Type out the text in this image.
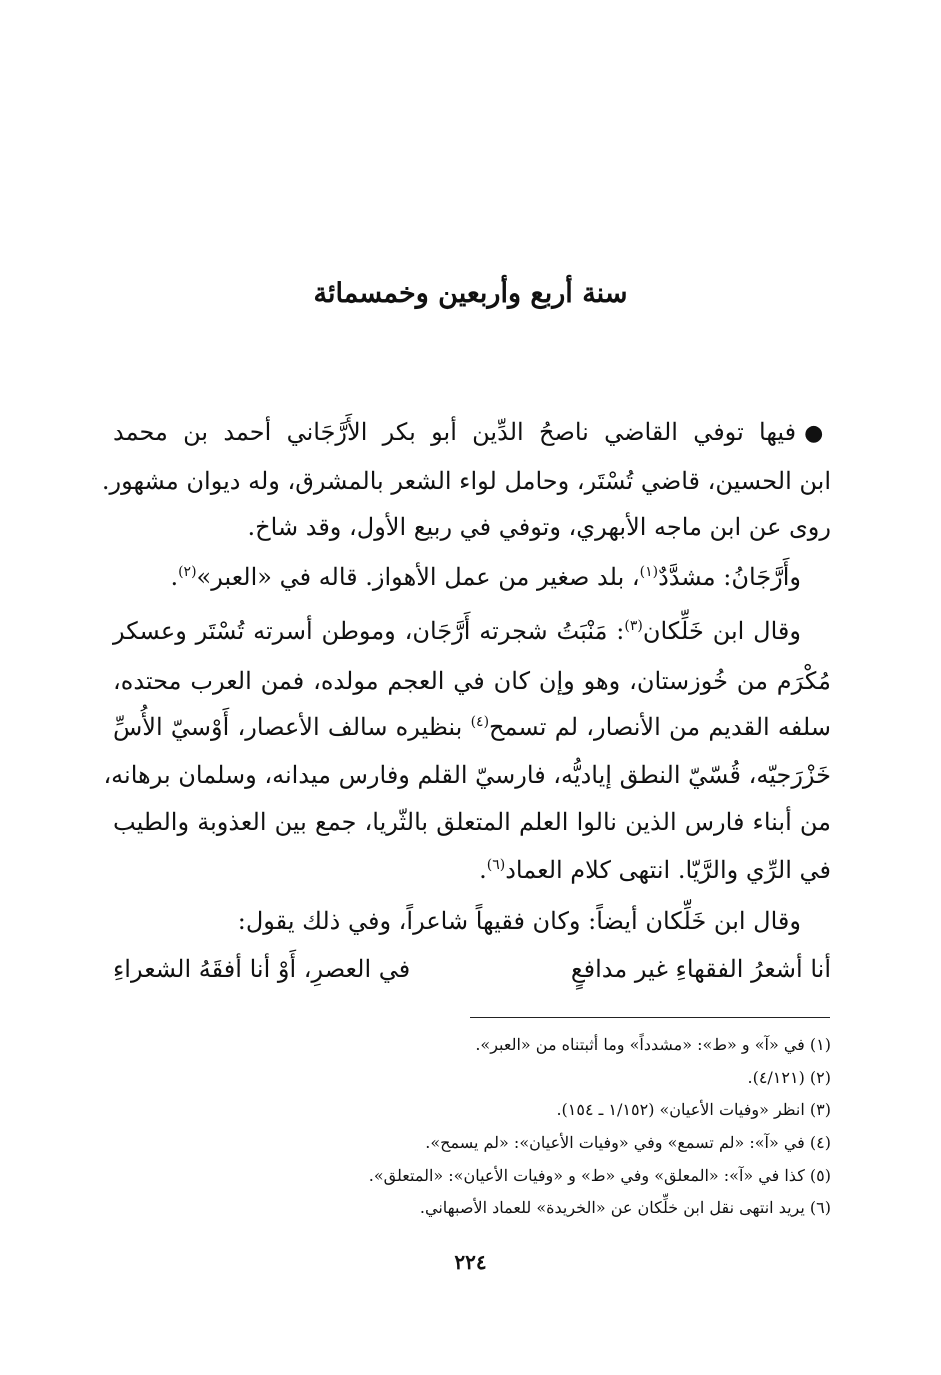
سنة أربع وأربعين وخمسمائة
●فيها توفي القاضي ناصحُ الدِّين أبو بكر الأَرَّجَاني أحمد بن محمد
ابن الحسين، قاضي تُسْتَر، وحامل لواء الشعر بالمشرق، وله ديوان مشهور.
روى عن ابن ماجه الأبهري، وتوفي في ربيع الأول، وقد شاخ.
وأَرَّجَانُ: مشدَّدٌ$^{(١)}$، بلد صغير من عمل الأهواز. قاله في «العبر»$^{(٢)}$.
وقال ابن خَلِّكان$^{(٣)}$: مَنْبَتُ شجرته أَرَّجَان، وموطن أسرته تُسْتَر وعسكر
مُكْرَم من خُوزستان، وهو وإن كان في العجم مولده، فمن العرب محتده،
سلفه القديم من الأنصار، لم تسمح$^{(٤)}$ بنظيره سالف الأعصار، أَوْسيّ الأُسِّ
خَزْرَجيّه، قُسّيّ النطق إياديُّه، فارسيّ القلم وفارس ميدانه، وسلمان برهانه،
من أبناء فارس الذين نالوا العلم المتعلق بالثّريا، جمع بين العذوبة والطيب
في الرِّي والرَّيّا. انتهى كلام العماد$^{(٦)}$.
وقال ابن خَلِّكان أيضاً: وكان فقيهاً شاعراً، وفي ذلك يقول:
أنا أشعرُ الفقهاءِ غير مدافعٍ
في العصرِ، أَوْ أنا أفقَهُ الشعراءِ
(١) في «آ» و «ط»: «مشدداً» وما أثبتناه من «العبر».
(٢) (٤/١٢١).
(٣) انظر «وفيات الأعيان» (١/١٥٢ ـ ١٥٤).
(٤) في «آ»: «لم تسمع» وفي «وفيات الأعيان»: «لم يسمح».
(٥) كذا في «آ»: «المعلق» وفي «ط» و «وفيات الأعيان»: «المتعلق».
(٦) يريد انتهى نقل ابن خلِّكان عن «الخريدة» للعماد الأصبهاني.
٢٢٤
